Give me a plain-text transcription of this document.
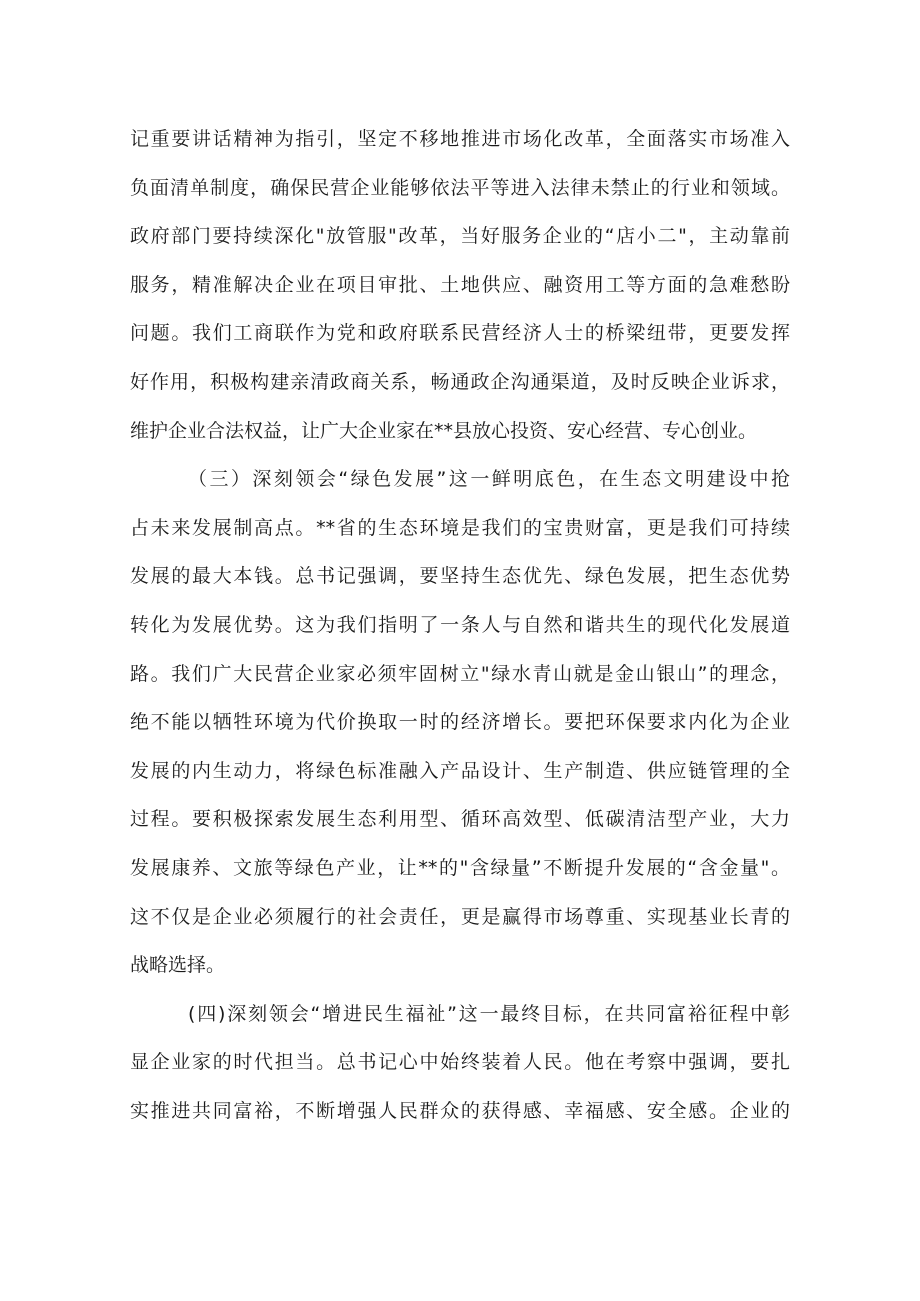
记重要讲话精神为指引，坚定不移地推进市场化改革，全面落实市场准入
负面清单制度，确保民营企业能够依法平等进入法律未禁止的行业和领域。
政府部门要持续深化"放管服"改革，当好服务企业的“店小二"，主动靠前
服务，精准解决企业在项目审批、土地供应、融资用工等方面的急难愁盼
问题。我们工商联作为党和政府联系民营经济人士的桥梁纽带，更要发挥
好作用，积极构建亲清政商关系，畅通政企沟通渠道，及时反映企业诉求，
维护企业合法权益，让广大企业家在**县放心投资、安心经营、专心创业。
（三）深刻领会“绿色发展”这一鲜明底色，在生态文明建设中抢
占未来发展制高点。**省的生态环境是我们的宝贵财富，更是我们可持续
发展的最大本钱。总书记强调，要坚持生态优先、绿色发展，把生态优势
转化为发展优势。这为我们指明了一条人与自然和谐共生的现代化发展道
路。我们广大民营企业家必须牢固树立"绿水青山就是金山银山”的理念，
绝不能以牺牲环境为代价换取一时的经济增长。要把环保要求内化为企业
发展的内生动力，将绿色标准融入产品设计、生产制造、供应链管理的全
过程。要积极探索发展生态利用型、循环高效型、低碳清洁型产业，大力
发展康养、文旅等绿色产业，让**的"含绿量”不断提升发展的“含金量"。
这不仅是企业必须履行的社会责任，更是赢得市场尊重、实现基业长青的
战略选择。
(四)深刻领会“增进民生福祉”这一最终目标，在共同富裕征程中彰
显企业家的时代担当。总书记心中始终装着人民。他在考察中强调，要扎
实推进共同富裕，不断增强人民群众的获得感、幸福感、安全感。企业的
